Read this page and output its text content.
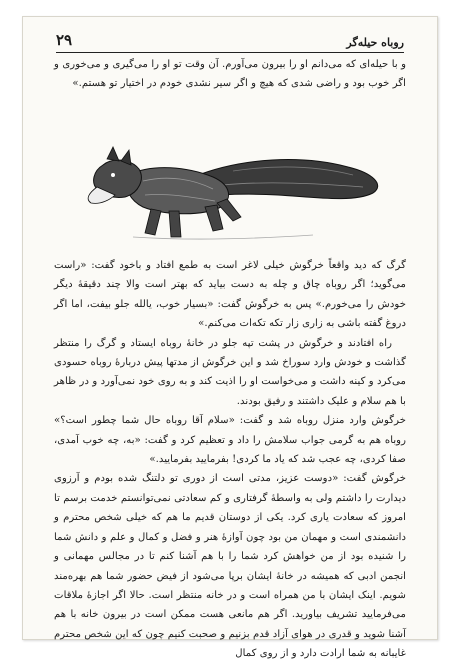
روباه حیله‌گر
۲۹

و با حیله‌ای که می‌دانم او را بیرون می‌آورم. آن وقت تو او را می‌گیری و می‌خوری و اگر خوب بود و راضی شدی که هیچ و اگر سیر نشدی خودم در اختیار تو هستم.»

گرگ که دید واقعاً خرگوش خیلی لاغر است به طمع افتاد و باخود گفت: «راست می‌گوید؛ اگر روباه چاق و چله به دست بیاید که بهتر است والا چند دقیقهٔ دیگر خودش را می‌خورم.» پس به خرگوش گفت: «بسیار خوب، یالله جلو بیفت، اما اگر دروغ گفته باشی به زاری زار تکه تکه‌ات می‌کنم.»

راه افتادند و خرگوش در پشت تپه جلو در خانهٔ روباه ایستاد و گرگ را منتظر گذاشت و خودش وارد سوراخ شد و این خرگوش از مدتها پیش دربارهٔ روباه حسودی می‌کرد و کینه داشت و می‌خواست او را اذیت کند و به روی خود نمی‌آورد و در ظاهر با هم سلام و علیک داشتند و رفیق بودند.

خرگوش وارد منزل روباه شد و گفت: «سلام آقا روباه حال شما چطور است؟» روباه هم به گرمی جواب سلامش را داد و تعظیم کرد و گفت: «به، چه خوب آمدی، صفا کردی، چه عجب شد که یاد ما کردی! بفرمایید بفرمایید.»

خرگوش گفت: «دوست عزیز، مدتی است از دوری تو دلتنگ شده بودم و آرزوی دیدارت را داشتم ولی به واسطهٔ گرفتاری و کم سعادتی نمی‌توانستم خدمت برسم تا امروز که سعادت یاری کرد. یکی از دوستان قدیم ما هم که خیلی شخص محترم و دانشمندی است و مهمان من بود چون آوازهٔ هنر و فضل و کمال و علم و دانش شما را شنیده بود از من خواهش کرد شما را با هم آشنا کنم تا در مجالس مهمانی و انجمن ادبی که همیشه در خانهٔ ایشان برپا می‌شود از فیض حضور شما هم بهره‌مند شویم. اینک ایشان با من همراه است و در خانه منتظر است. حالا اگر اجازهٔ ملاقات می‌فرمایید تشریف بیاورید. اگر هم مانعی هست ممکن است در بیرون خانه با هم آشنا شوید و قدری در هوای آزاد قدم بزنیم و صحبت کنیم چون که این شخص محترم غایبانه به شما ارادت دارد و از روی کمال
